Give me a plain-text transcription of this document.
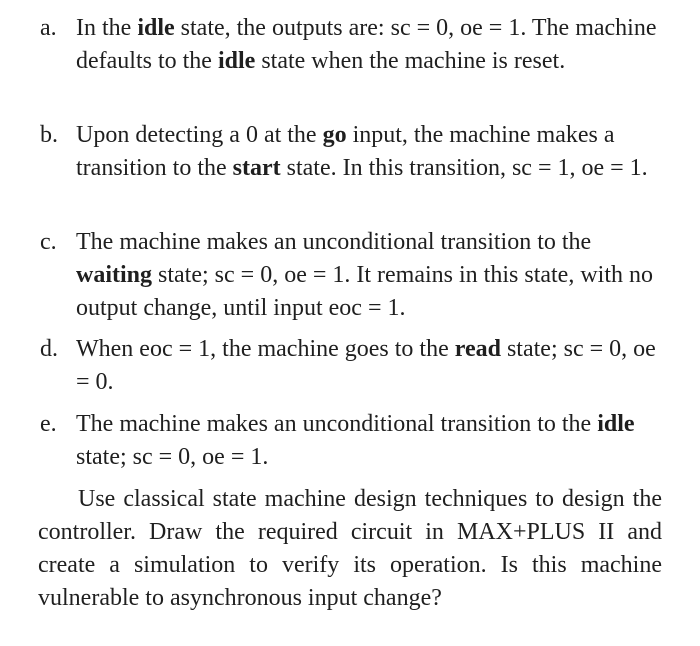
a. In the idle state, the outputs are: sc = 0, oe = 1. The machine defaults to the idle state when the machine is reset.
b. Upon detecting a 0 at the go input, the machine makes a transition to the start state. In this transition, sc = 1, oe = 1.
c. The machine makes an unconditional transition to the waiting state; sc = 0, oe = 1. It remains in this state, with no output change, until input eoc = 1.
d. When eoc = 1, the machine goes to the read state; sc = 0, oe = 0.
e. The machine makes an unconditional transition to the idle state; sc = 0, oe = 1.
Use classical state machine design techniques to design the controller. Draw the required circuit in MAX+PLUS II and create a simulation to verify its operation. Is this machine vulnerable to asynchronous input change?
